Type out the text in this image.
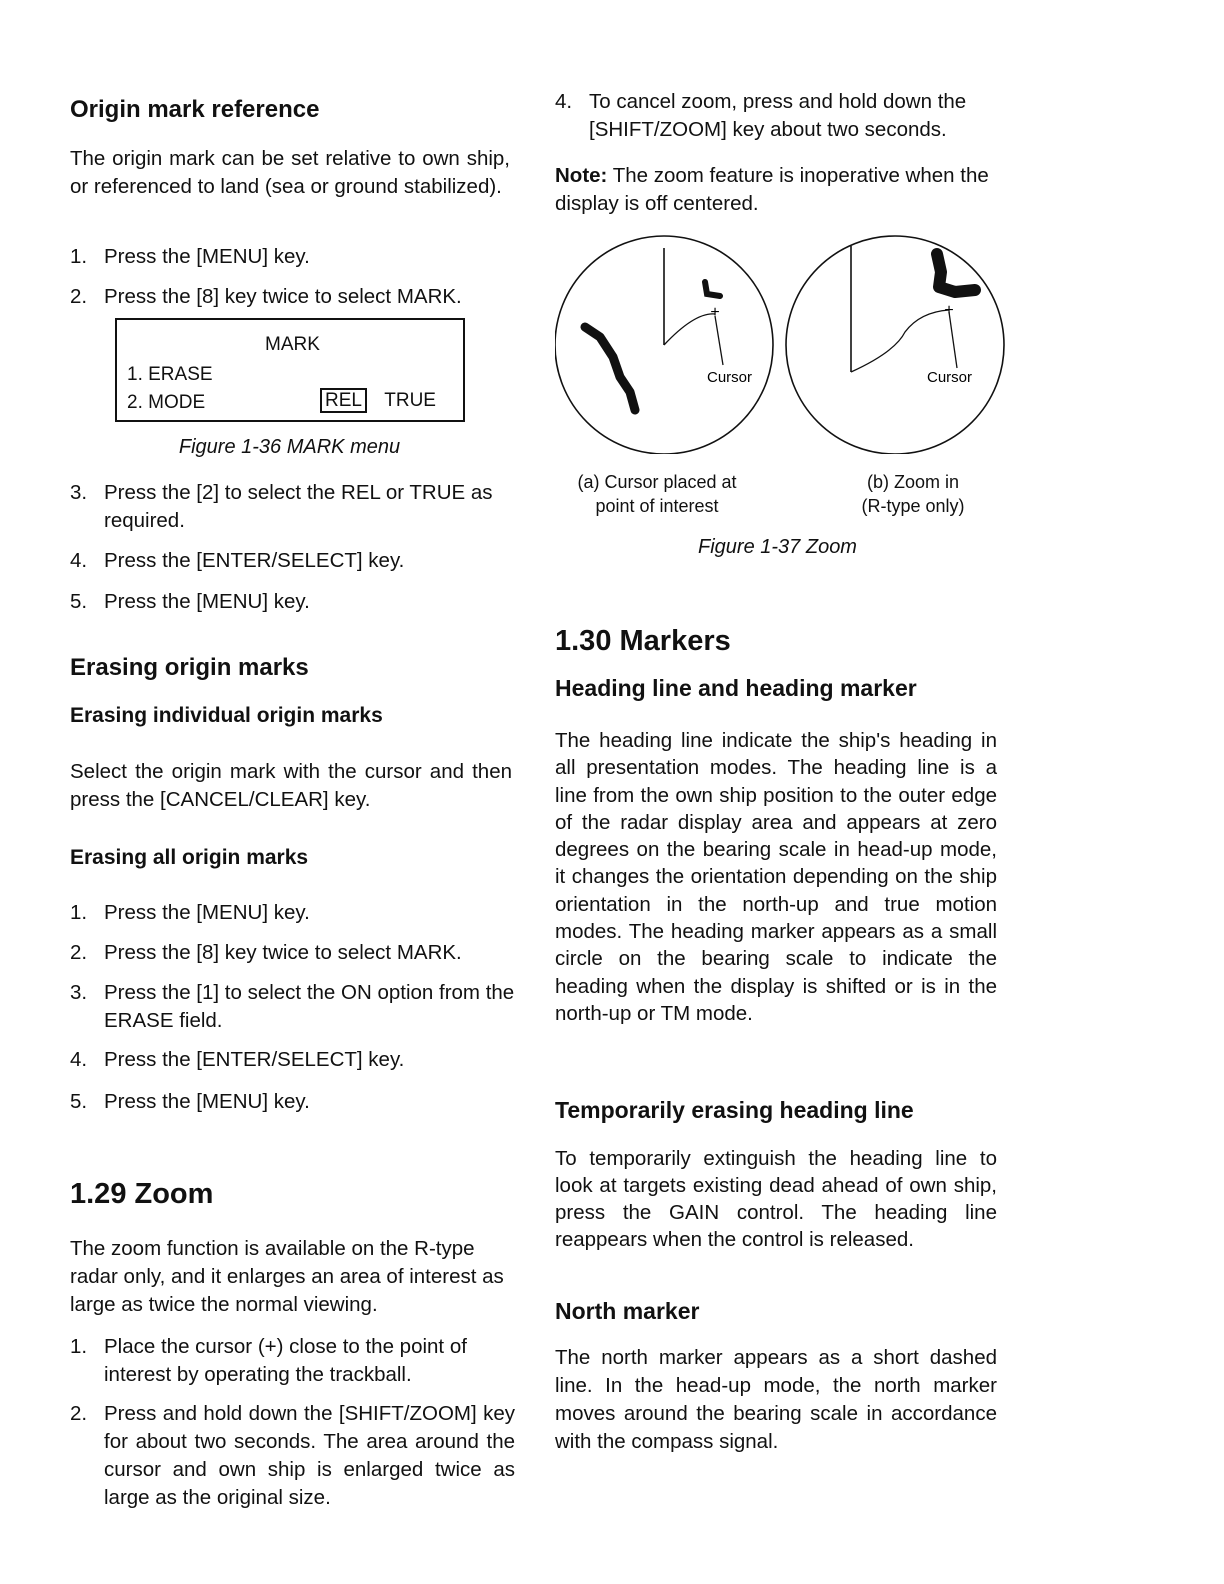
Origin mark reference

The origin mark can be set relative to own ship, or referenced to land (sea or ground stabilized).

1. Press the [MENU] key.
2. Press the [8] key twice to select MARK.
MARK
1. ERASE
2. MODE	REL TRUE
Figure 1-36 MARK menu
3. Press the [2] to select the REL or TRUE as required.
4. Press the [ENTER/SELECT] key.
5. Press the [MENU] key.
Erasing origin marks
Erasing individual origin marks

Select the origin mark with the cursor and then press the [CANCEL/CLEAR] key.

Erasing all origin marks
1. Press the [MENU] key.
2. Press the [8] key twice to select MARK.
3. Press the [1] to select the ON option from the ERASE field.
4. Press the [ENTER/SELECT] key.
5. Press the [MENU] key.
1.29 Zoom

The zoom function is available on the R-type radar only, and it enlarges an area of interest as large as twice the normal viewing.

1. Place the cursor (+) close to the point of interest by operating the trackball.
2. Press and hold down the [SHIFT/ZOOM] key for about two seconds. The area around the cursor and own ship is enlarged twice as large as the original size.
4. To cancel zoom, press and hold down the [SHIFT/ZOOM] key about two seconds.

Note: The zoom feature is inoperative when the display is off centered.

+
Cursor
+
Cursor
(a) Cursor placed at
point of interest
(b) Zoom in
(R-type only)
Figure 1-37 Zoom
1.30 Markers
Heading line and heading marker

The heading line indicate the ship's heading in all presentation modes. The heading line is a line from the own ship position to the outer edge of the radar display area and appears at zero degrees on the bearing scale in head-up mode, it changes the orientation depending on the ship orientation in the north-up and true motion modes. The heading marker appears as a small circle on the bearing scale to indicate the heading when the display is shifted or is in the north-up or TM mode.

Temporarily erasing heading line

To temporarily extinguish the heading line to look at targets existing dead ahead of own ship, press the GAIN control. The heading line reappears when the control is released.

North marker

The north marker appears as a short dashed line. In the head-up mode, the north marker moves around the bearing scale in accordance with the compass signal.
